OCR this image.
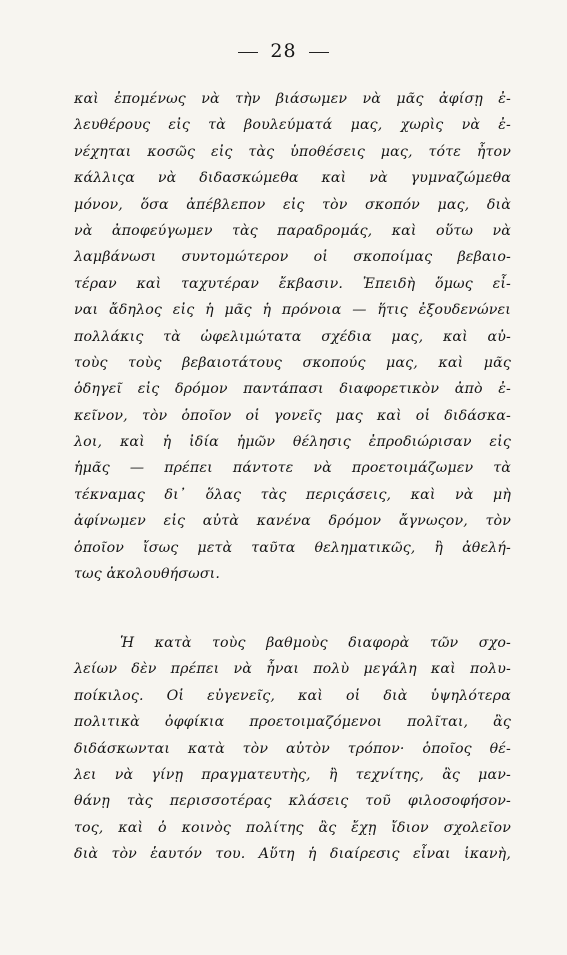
28
καὶ ἐπομένως νὰ τὴν βιάσωμεν νὰ μᾶς ἀφίσῃ ἐ-
λευθέρους εἰς τὰ βουλεύματά μας, χωρὶς νὰ ἐ-
νέχηται κοσῶς εἰς τὰς ὑποθέσεις μας, τότε ἦτον
κάλλιςα νὰ διδασκώμεθα καὶ νὰ γυμναζώμεθα
μόνον, ὅσα ἀπέβλεπον εἰς τὸν σκοπόν μας, διὰ
νὰ ἀποφεύγωμεν τὰς παραδρομάς, καὶ οὕτω νὰ
λαμβάνωσι συντομώτερον οἱ σκοποίμας βεβαιο-
τέραν καὶ ταχυτέραν ἔκβασιν. Ἐπειδὴ ὅμως εἶ-
ναι ἄδηλος εἰς ἡ μᾶς ἡ πρόνοια — ἥτις ἐξουδενώνει
πολλάκις τὰ ὠφελιμώτατα σχέδια μας, καὶ αὐ-
τοὺς τοὺς βεβαιοτάτους σκοπούς μας, καὶ μᾶς
ὁδηγεῖ εἰς δρόμον παντάπασι διαφορετικὸν ἀπὸ ἐ-
κεῖνον, τὸν ὁποῖον οἱ γονεῖς μας καὶ οἱ διδάσκα-
λοι, καὶ ἡ ἰδία ἡμῶν θέλησις ἐπροδιώρισαν εἰς
ἡμᾶς — πρέπει πάντοτε νὰ προετοιμάζωμεν τὰ
τέκναμας δι᾽ ὅλας τὰς περιςάσεις, καὶ νὰ μὴ
ἀφίνωμεν εἰς αὐτὰ κανένα δρόμον ἄγνωςον, τὸν
ὁποῖον ἴσως μετὰ ταῦτα θεληματικῶς, ἢ ἀθελή-
τως ἀκολουθήσωσι.
Ἡ κατὰ τοὺς βαθμοὺς διαφορὰ τῶν σχο-
λείων δὲν πρέπει νὰ ἦναι πολὺ μεγάλη καὶ πολυ-
ποίκιλος. Οἱ εὐγενεῖς, καὶ οἱ διὰ ὑψηλότερα
πολιτικὰ ὀφφίκια προετοιμαζόμενοι πολῖται, ἂς
διδάσκωνται κατὰ τὸν αὐτὸν τρόπον· ὁποῖος θέ-
λει νὰ γίνῃ πραγματευτὴς, ἢ τεχνίτης, ἂς μαν-
θάνῃ τὰς περισσοτέρας κλάσεις τοῦ φιλοσοφήσον-
τος, καὶ ὁ κοινὸς πολίτης ἂς ἔχῃ ἴδιον σχολεῖον
διὰ τὸν ἑαυτόν του. Αὕτη ἡ διαίρεσις εἶναι ἱκανὴ,
